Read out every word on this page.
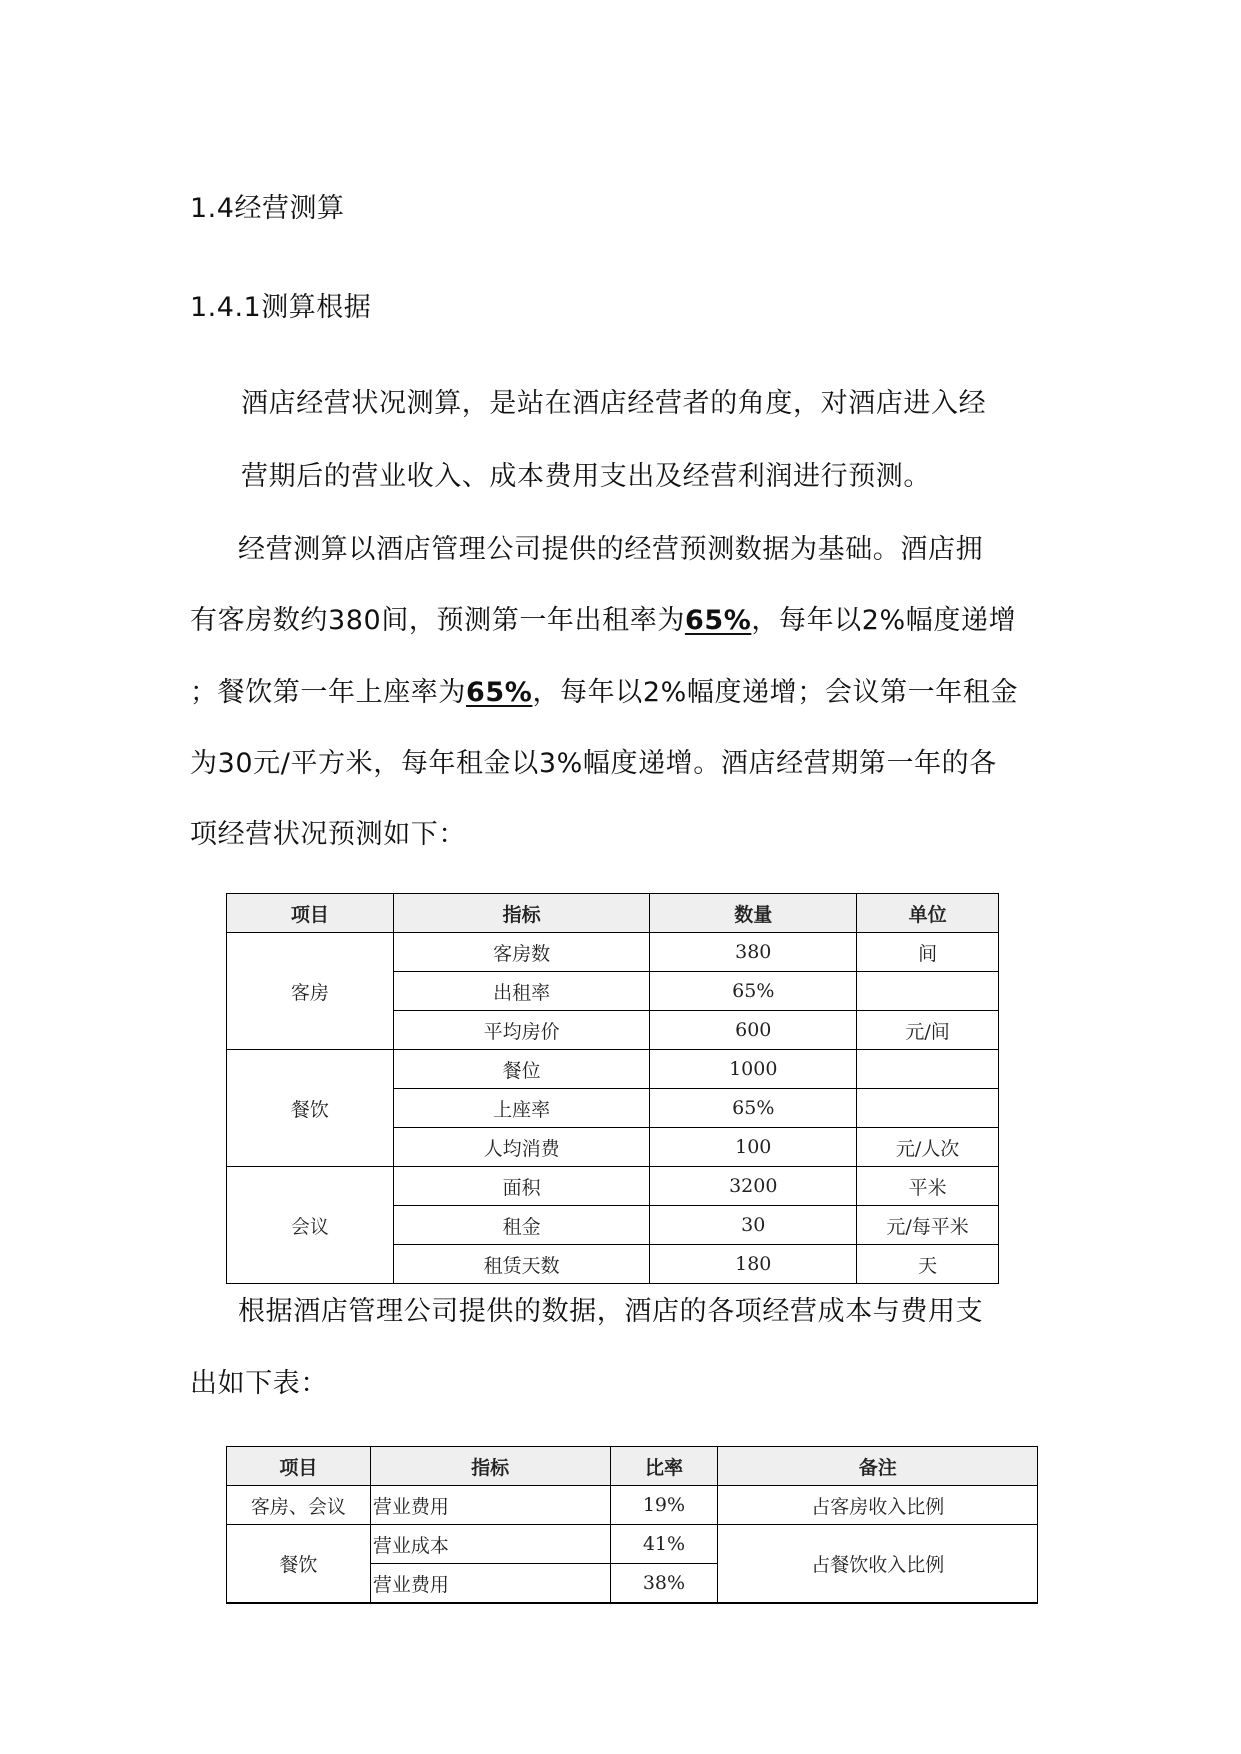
1.4经营测算
1.4.1测算根据
酒店经营状况测算，是站在酒店经营者的角度，对酒店进入经
营期后的营业收入、成本费用支出及经营利润进行预测。
经营测算以酒店管理公司提供的经营预测数据为基础。酒店拥
有客房数约380间，预测第一年出租率为65%，每年以2%幅度递增
；餐饮第一年上座率为65%，每年以2%幅度递增；会议第一年租金
为30元/平方米，每年租金以3%幅度递增。酒店经营期第一年的各
项经营状况预测如下：
项目	指标	数量	单位
客房	客房数	380	间
	出租率	65%	
	平均房价	600	元/间
餐饮	餐位	1000	
	上座率	65%	
	人均消费	100	元/人次
会议	面积	3200	平米
	租金	30	元/每平米
	租赁天数	180	天
根据酒店管理公司提供的数据，酒店的各项经营成本与费用支
出如下表：
项目	指标	比率	备注
客房、会议	营业费用	19%	占客房收入比例
餐饮	营业成本	41%	占餐饮收入比例
	营业费用	38%	
